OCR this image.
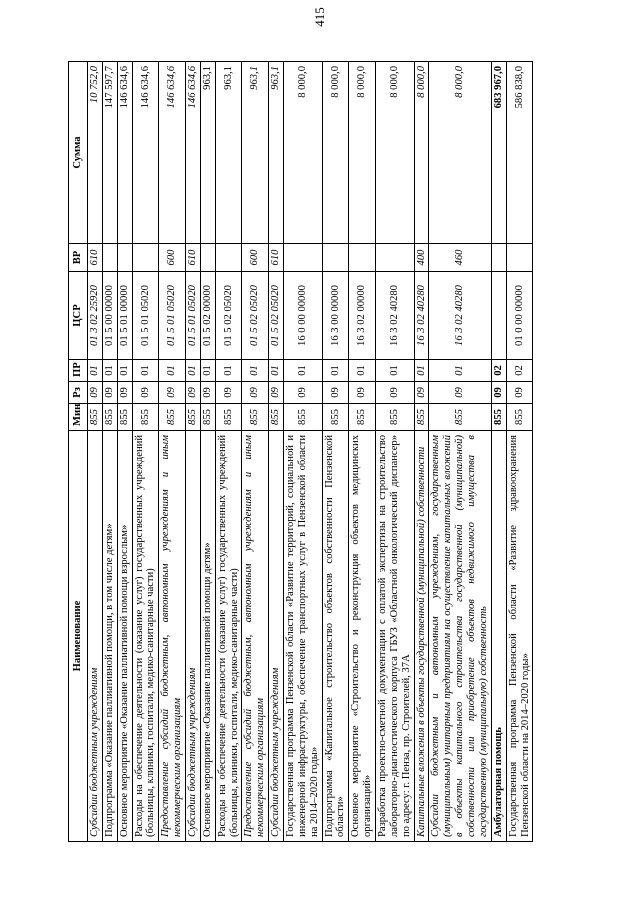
415
Наименование	Мин	Рз	ПР	ЦСР	ВР	Сумма
Субсидии бюджетным учреждениям	855	09	01	01 3 02 25920	610	10 752,0
Подпрограмма «Оказание паллиативной помощи, в том числе детям»	855	09	01	01 5 00 00000		147 597,7
Основное мероприятие «Оказание паллиативной помощи взрослым»	855	09	01	01 5 01 00000		146 634,6
Расходы на обеспечение деятельности (оказание услуг) государственных учреждений (больницы, клиники, госпитали, медико-санитарные части)	855	09	01	01 5 01 05020		146 634,6
Предоставление субсидий бюджетным, автономным учреждениям и иным некоммерческим организациям	855	09	01	01 5 01 05020	600	146 634,6
Субсидии бюджетным учреждениям	855	09	01	01 5 01 05020	610	146 634,6
Основное мероприятие «Оказание паллиативной помощи детям»	855	09	01	01 5 02 00000		963,1
Расходы на обеспечение деятельности (оказание услуг) государственных учреждений (больницы, клиники, госпитали, медико-санитарные части)	855	09	01	01 5 02 05020		963,1
Предоставление субсидий бюджетным, автономным учреждениям и иным некоммерческим организациям	855	09	01	01 5 02 05020	600	963,1
Субсидии бюджетным учреждениям	855	09	01	01 5 02 05020	610	963,1
Государственная программа Пензенской области «Развитие территорий, социальной и инженерной инфраструктуры, обеспечение транспортных услуг в Пензенской области на 2014–2020 годы»	855	09	01	16 0 00 00000		8 000,0
Подпрограмма «Капитальное строительство объектов собственности Пензенской области»	855	09	01	16 3 00 00000		8 000,0
Основное мероприятие «Строительство и реконструкция объектов медицинских организаций»	855	09	01	16 3 02 00000		8 000,0
Разработка проектно-сметной документации с оплатой экспертизы на строительство лабораторно-диагностического корпуса ГБУЗ «Областной онкологический диспансер» по адресу: г. Пенза, пр. Строителей, 37А	855	09	01	16 3 02 40280		8 000,0
Капитальные вложения в объекты государственной (муниципальной) собственности	855	09	01	16 3 02 40280	400	8 000,0
Субсидии бюджетным и автономным учреждениям, государственным (муниципальным) унитарным предприятиям на осуществление капитальных вложений в объекты капитального строительства государственной (муниципальной) собственности или приобретение объектов недвижимого имущества в государственную (муниципальную) собственность	855	09	01	16 3 02 40280	460	8 000,0
Амбулаторная помощь	855	09	02			683 967,0
Государственная программа Пензенской области «Развитие здравоохранения Пензенской области на 2014–2020 годы»	855	09	02	01 0 00 00000		586 838,0
